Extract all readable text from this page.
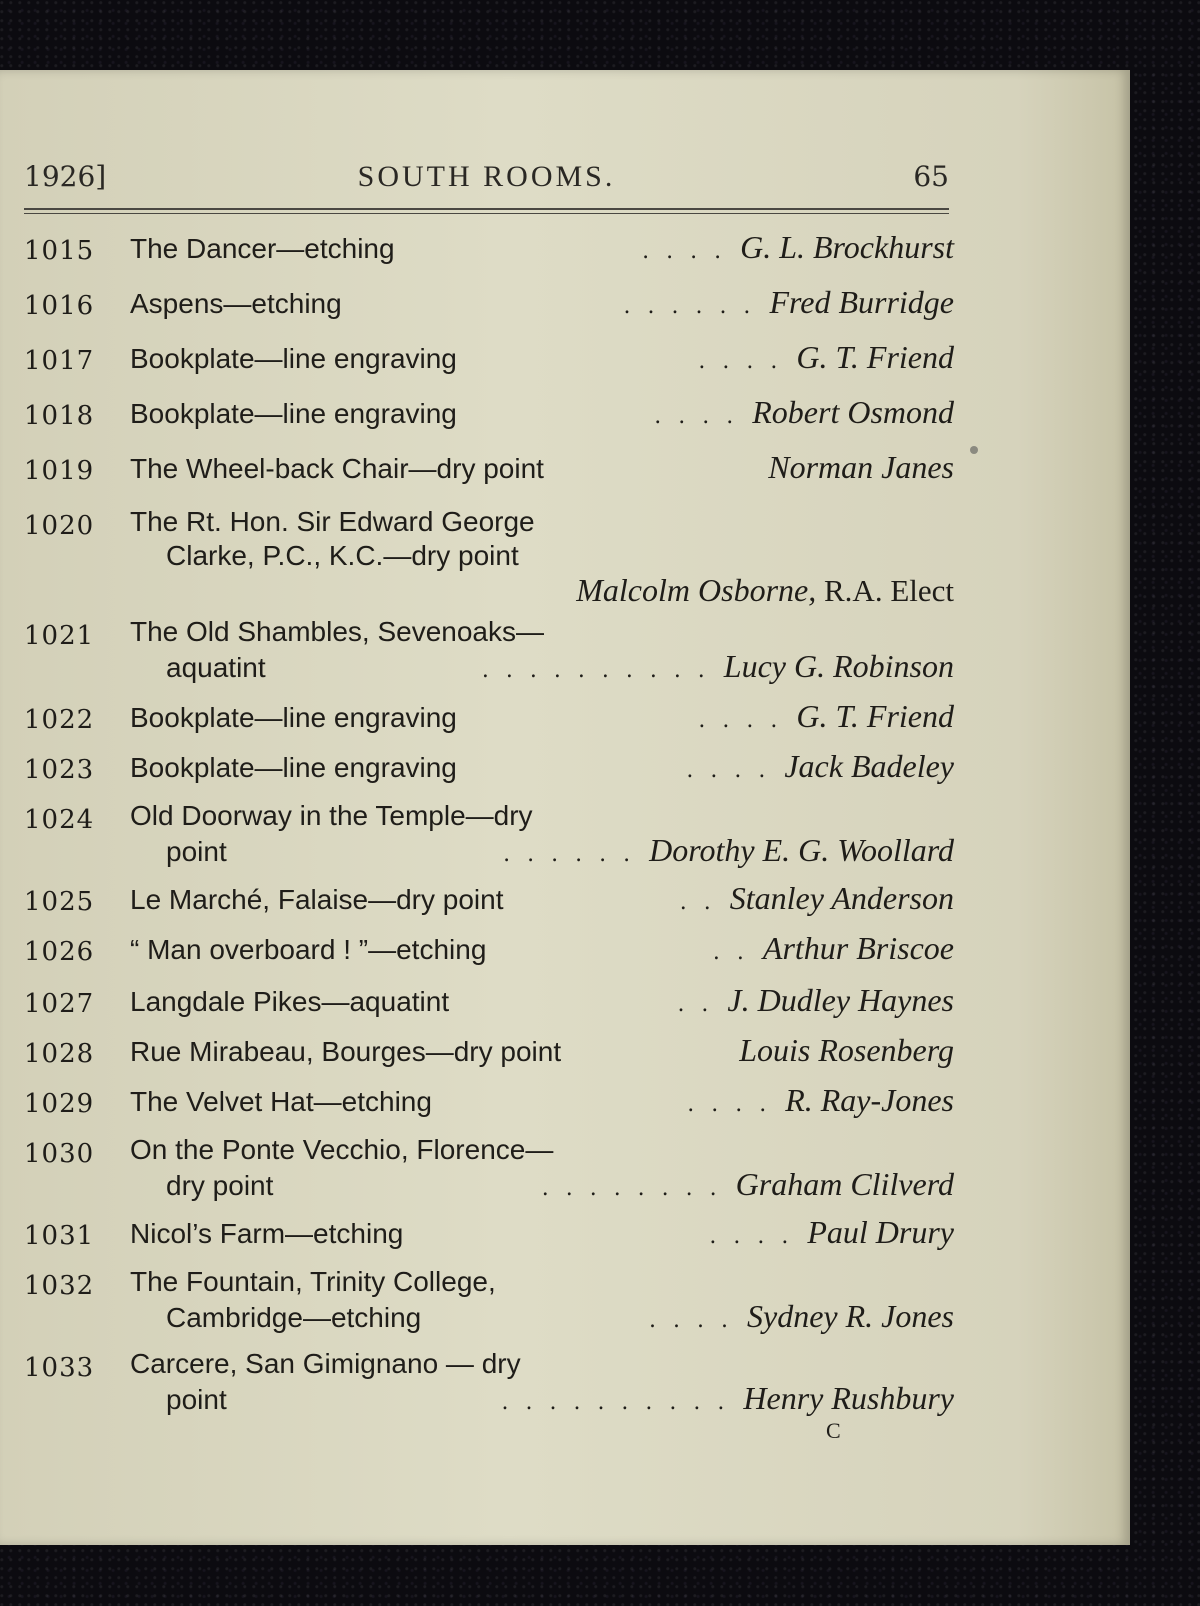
1926]	SOUTH ROOMS.	65
1015 The Dancer—etching	. . . . G. L. Brockhurst
1016 Aspens—etching	. . . . . . Fred Burridge
1017 Bookplate—line engraving	. . . . G. T. Friend
1018 Bookplate—line engraving	. . . . Robert Osmond
1019 The Wheel-back Chair—dry point	Norman Janes
1020 The Rt. Hon. Sir Edward George
Clarke, P.C., K.C.—dry point
Malcolm Osborne, R.A. Elect
1021 The Old Shambles, Sevenoaks—
aquatint	. . . . . . . . . . Lucy G. Robinson
1022 Bookplate—line engraving	. . . . G. T. Friend
1023 Bookplate—line engraving	. . . . Jack Badeley
1024 Old Doorway in the Temple—dry
point	. . . . . . Dorothy E. G. Woollard
1025 Le Marché, Falaise—dry point	. . Stanley Anderson
1026 “ Man overboard ! ”—etching	. . Arthur Briscoe
1027 Langdale Pikes—aquatint	. . J. Dudley Haynes
1028 Rue Mirabeau, Bourges—dry point	Louis Rosenberg
1029 The Velvet Hat—etching	. . . . R. Ray-Jones
1030 On the Ponte Vecchio, Florence—
dry point	. . . . . . . . Graham Clilverd
1031 Nicol’s Farm—etching	. . . . Paul Drury
1032 The Fountain, Trinity College,
Cambridge—etching	. . . . Sydney R. Jones
1033 Carcere, San Gimignano — dry
point	. . . . . . . . . . Henry Rushbury
C
